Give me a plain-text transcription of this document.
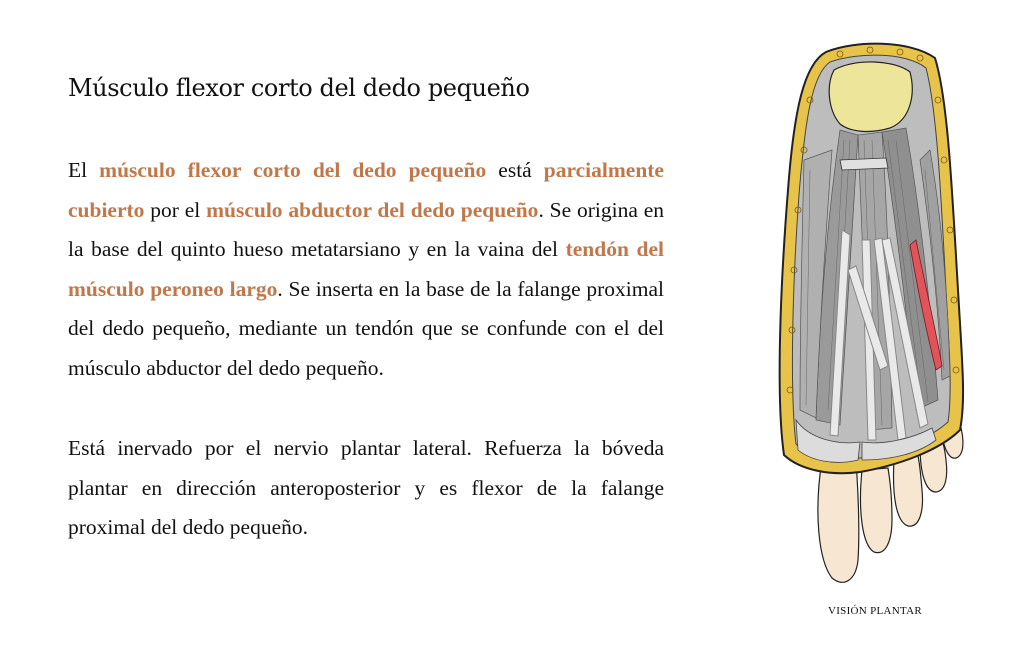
Músculo flexor corto del dedo pequeño

El músculo flexor corto del dedo pequeño está parcialmente cubierto por el músculo abductor del dedo pequeño. Se origina en la base del quinto hueso metatarsiano y en la vaina del tendón del músculo peroneo largo. Se inserta en la base de la falange proximal del dedo pequeño, mediante un tendón que se confunde con el del músculo abductor del dedo pequeño.

Está inervado por el nervio plantar lateral. Refuerza la bóveda plantar en dirección anteroposterior y es flexor de la falange proximal del dedo pequeño.

VISIÓN PLANTAR
